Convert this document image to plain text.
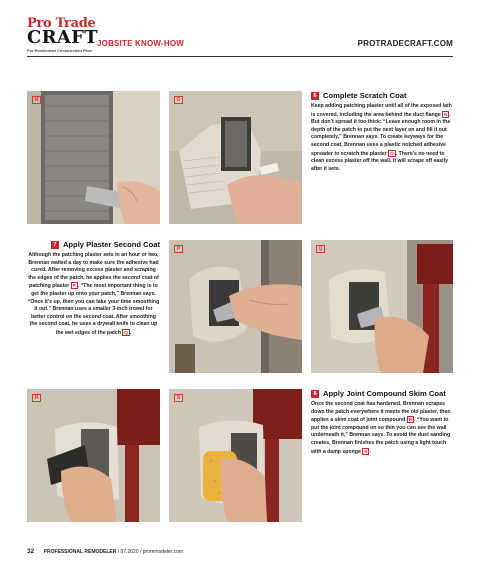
Pro Trade
CRAFT
For Residential Construction Pros
JOBSITE KNOW-HOW	PROTRADECRAFT.COM
N	O
6 Complete Scratch Coat
Keep adding patching plaster until all of the exposed lath is covered, including the area behind the duct flange N . But don’t spread it too thick: “Leave enough room in the depth of the patch to put the next layer on and fill it out completely,” Brennan says. To create keyways for the second coat, Brennan uses a plastic notched adhesive spreader to scratch the plaster O . There’s no need to clean excess plaster off the wall, it will scrape off easily after it sets.
7 Apply Plaster Second Coat
Although the patching plaster sets in an hour or two, Brennan waited a day to make sure the adhesive had cured. After removing excess plaster and scraping the edges of the patch, he applies the second coat of patching plaster P . “The most important thing is to get the plaster up onto your patch,” Brennan says. “Once it’s up, then you can take your time smoothing it out.” Brennan uses a smaller 3-inch trowel for better control on the second coat. After smoothing the second coat, he uses a drywall knife to clean up the wet edges of the patch Q .
P	Q
R	S
8 Apply Joint Compound Skim Coat
Once the second coat has hardened, Brennan scrapes down the patch everywhere it meets the old plaster, then applies a skim coat of joint compound R . “You want to put the joint compound on so thin you can see the wall underneath it,” Brennan says. To avoid the dust sanding creates, Brennan finishes the patch using a light touch with a damp sponge S .
32 PROFESSIONAL REMODELER / 07.2020 / proremodeler.com
